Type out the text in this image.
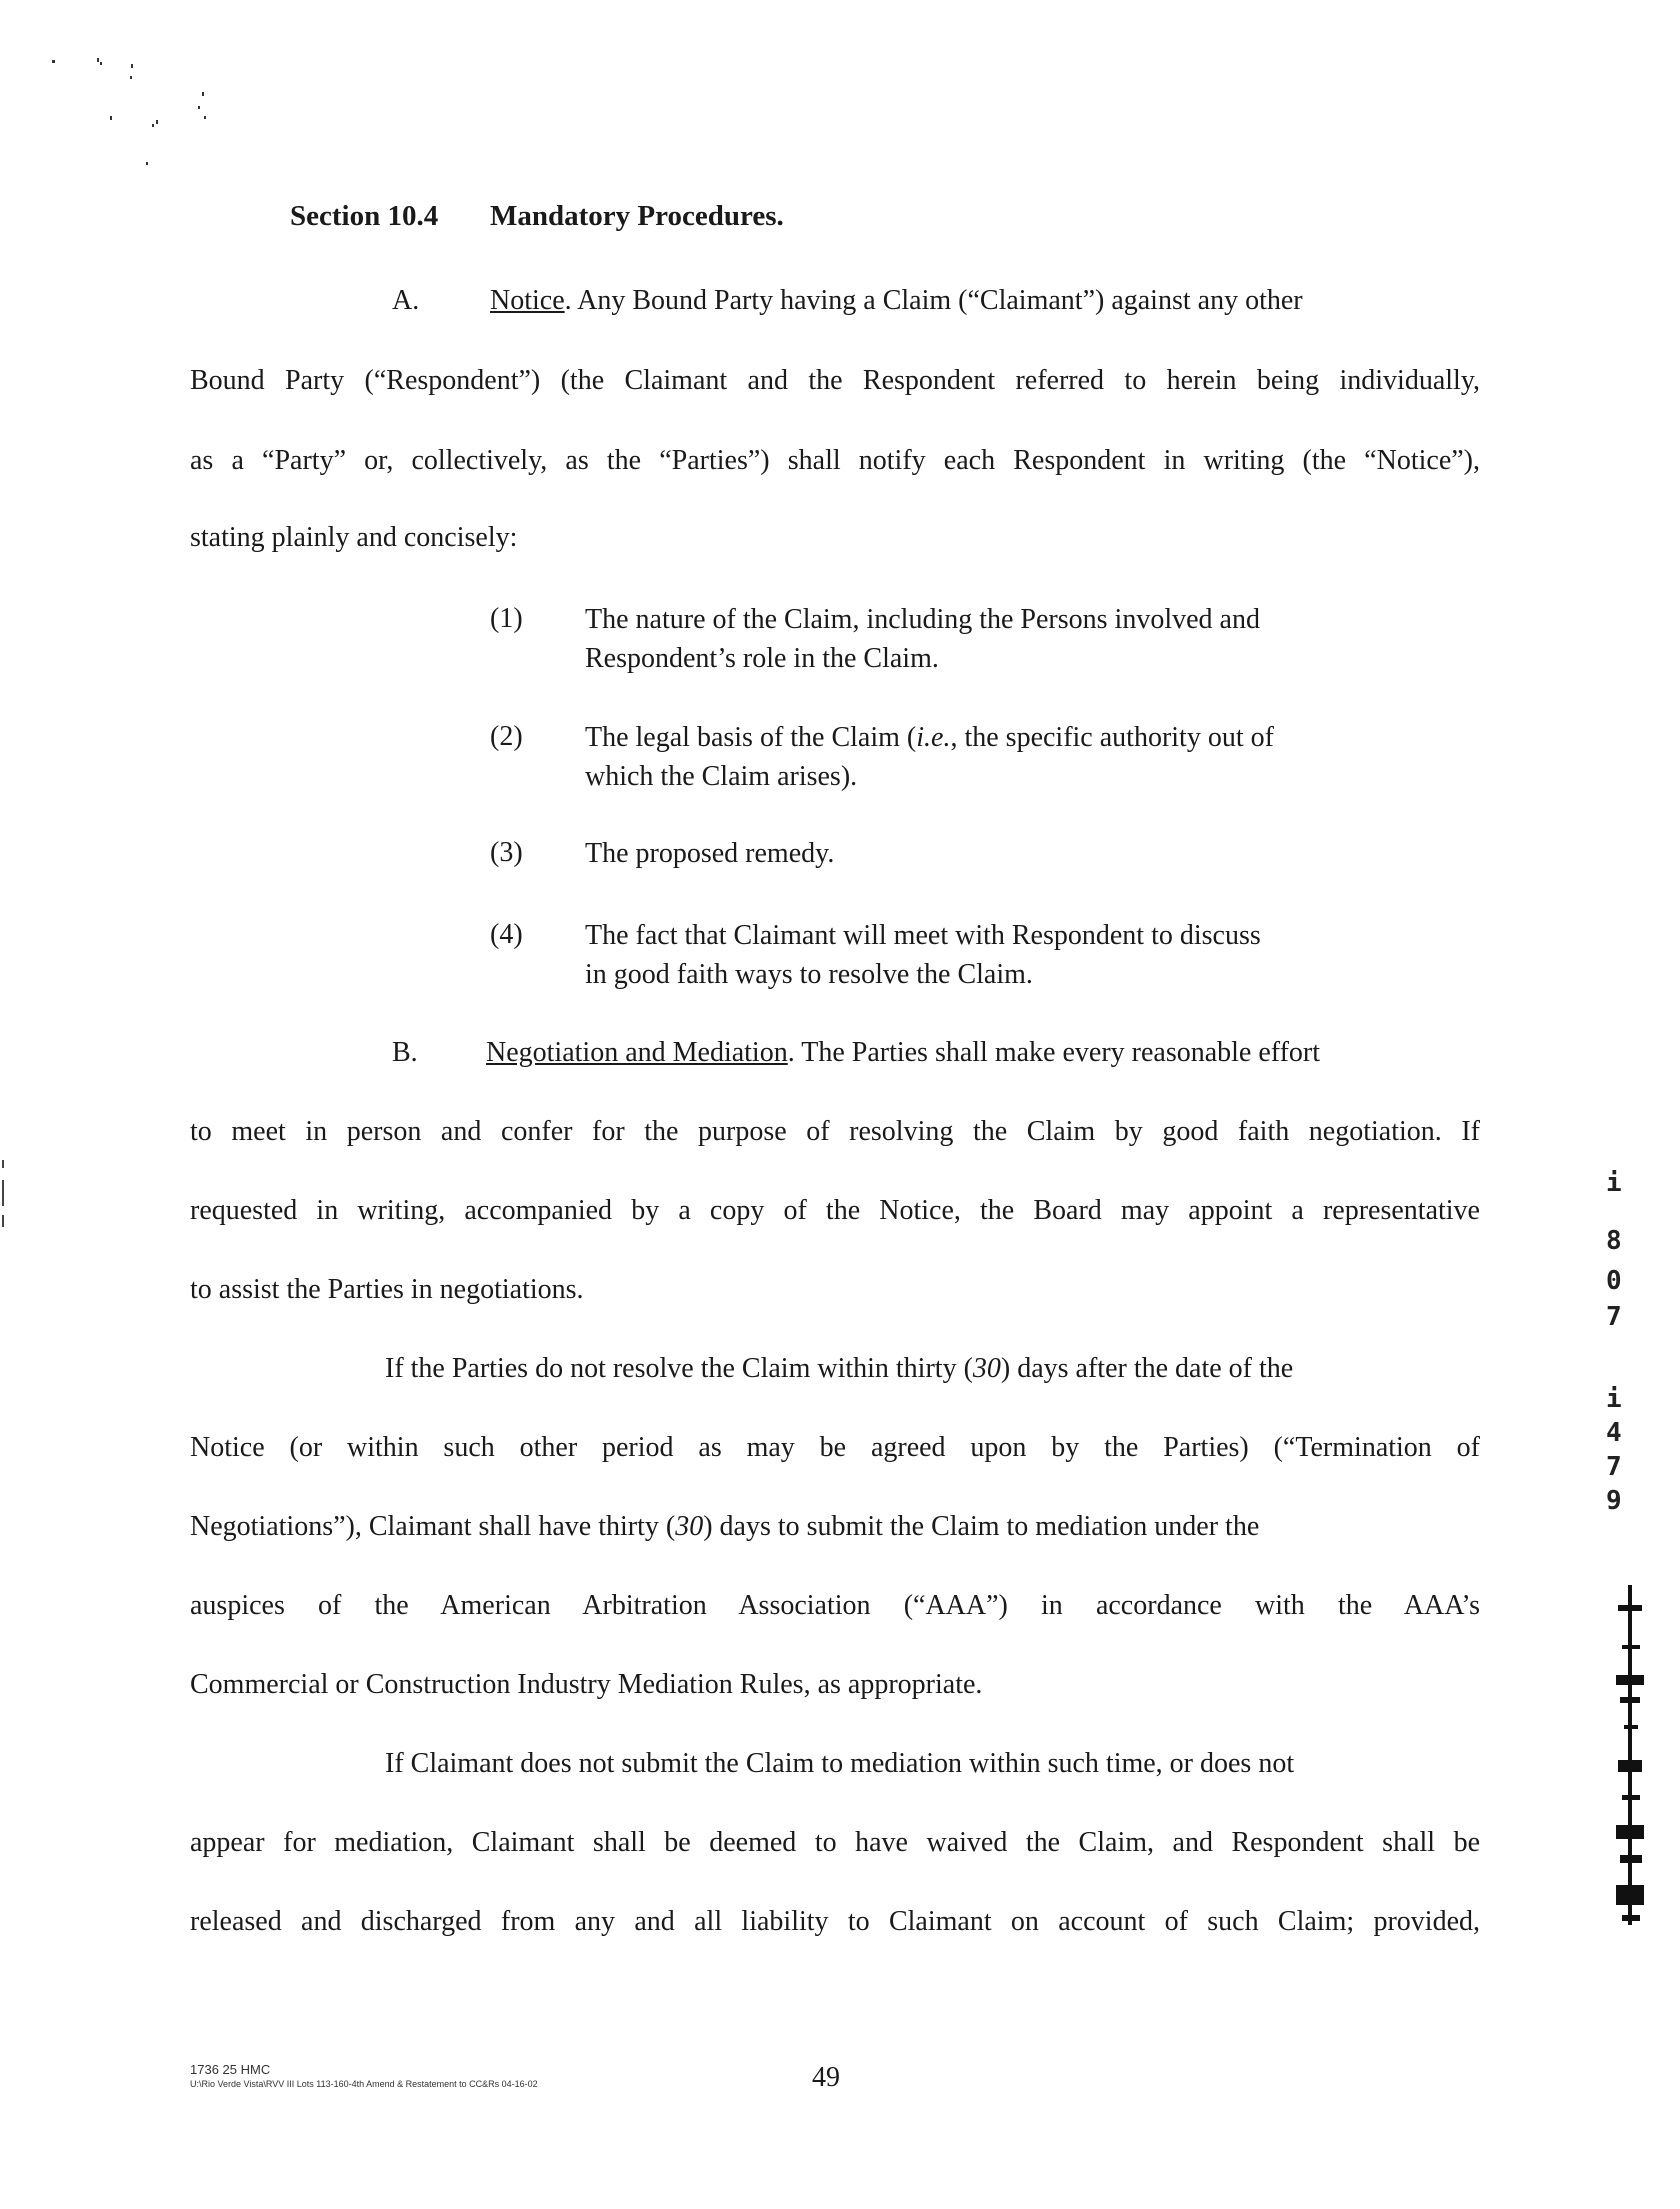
Section 10.4 Mandatory Procedures.
A.	Notice. Any Bound Party having a Claim (“Claimant”) against any other
Bound Party (“Respondent”) (the Claimant and the Respondent referred to herein being individually,
as a “Party” or, collectively, as the “Parties”) shall notify each Respondent in writing (the “Notice”),
stating plainly and concisely:
(1) The nature of the Claim, including the Persons involved and
Respondent’s role in the Claim.
(2) The legal basis of the Claim (i.e., the specific authority out of
which the Claim arises).
(3) The proposed remedy.
(4) The fact that Claimant will meet with Respondent to discuss
in good faith ways to resolve the Claim.
B. Negotiation and Mediation. The Parties shall make every reasonable effort
to meet in person and confer for the purpose of resolving the Claim by good faith negotiation. If
requested in writing, accompanied by a copy of the Notice, the Board may appoint a representative
to assist the Parties in negotiations.
If the Parties do not resolve the Claim within thirty (30) days after the date of the
Notice (or within such other period as may be agreed upon by the Parties) (“Termination of
Negotiations”), Claimant shall have thirty (30) days to submit the Claim to mediation under the
auspices of the American Arbitration Association (“AAA”) in accordance with the AAA’s
Commercial or Construction Industry Mediation Rules, as appropriate.
If Claimant does not submit the Claim to mediation within such time, or does not
appear for mediation, Claimant shall be deemed to have waived the Claim, and Respondent shall be
released and discharged from any and all liability to Claimant on account of such Claim; provided,
1736 25 HMC
U:\Rio Verde Vista\RVV III Lots 113-160-4th Amend & Restatement to CC&Rs 04-16-02	49
i
8
0
7
i
4
7
9
